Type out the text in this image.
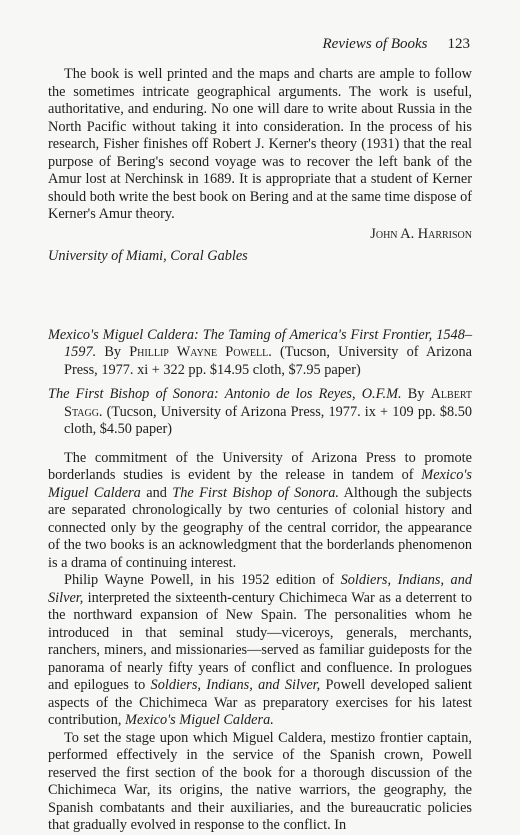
Reviews of Books 123

The book is well printed and the maps and charts are ample to follow the sometimes intricate geographical arguments. The work is useful, authoritative, and enduring. No one will dare to write about Russia in the North Pacific without taking it into consideration. In the process of his research, Fisher finishes off Robert J. Kerner's theory (1931) that the real purpose of Bering's second voyage was to recover the left bank of the Amur lost at Nerchinsk in 1689. It is appropriate that a student of Kerner should both write the best book on Bering and at the same time dispose of Kerner's Amur theory.

John A. Harrison
University of Miami, Coral Gables
Mexico's Miguel Caldera: The Taming of America's First Frontier, 1548–1597. By Phillip Wayne Powell. (Tucson, University of Arizona Press, 1977. xi + 322 pp. $14.95 cloth, $7.95 paper)
The First Bishop of Sonora: Antonio de los Reyes, O.F.M. By Albert Stagg. (Tucson, University of Arizona Press, 1977. ix + 109 pp. $8.50 cloth, $4.50 paper)

The commitment of the University of Arizona Press to promote borderlands studies is evident by the release in tandem of Mexico's Miguel Caldera and The First Bishop of Sonora. Although the subjects are separated chronologically by two centuries of colonial history and connected only by the geography of the central corridor, the appearance of the two books is an acknowledgment that the borderlands phenomenon is a drama of continuing interest.

Philip Wayne Powell, in his 1952 edition of Soldiers, Indians, and Silver, interpreted the sixteenth-century Chichimeca War as a deterrent to the northward expansion of New Spain. The personalities whom he introduced in that seminal study—viceroys, generals, merchants, ranchers, miners, and missionaries—served as familiar guideposts for the panorama of nearly fifty years of conflict and confluence. In prologues and epilogues to Soldiers, Indians, and Silver, Powell developed salient aspects of the Chichimeca War as preparatory exercises for his latest contribution, Mexico's Miguel Caldera.

To set the stage upon which Miguel Caldera, mestizo frontier captain, performed effectively in the service of the Spanish crown, Powell reserved the first section of the book for a thorough discussion of the Chichimeca War, its origins, the native warriors, the geography, the Spanish combatants and their auxiliaries, and the bureaucratic policies that gradually evolved in response to the conflict. In
